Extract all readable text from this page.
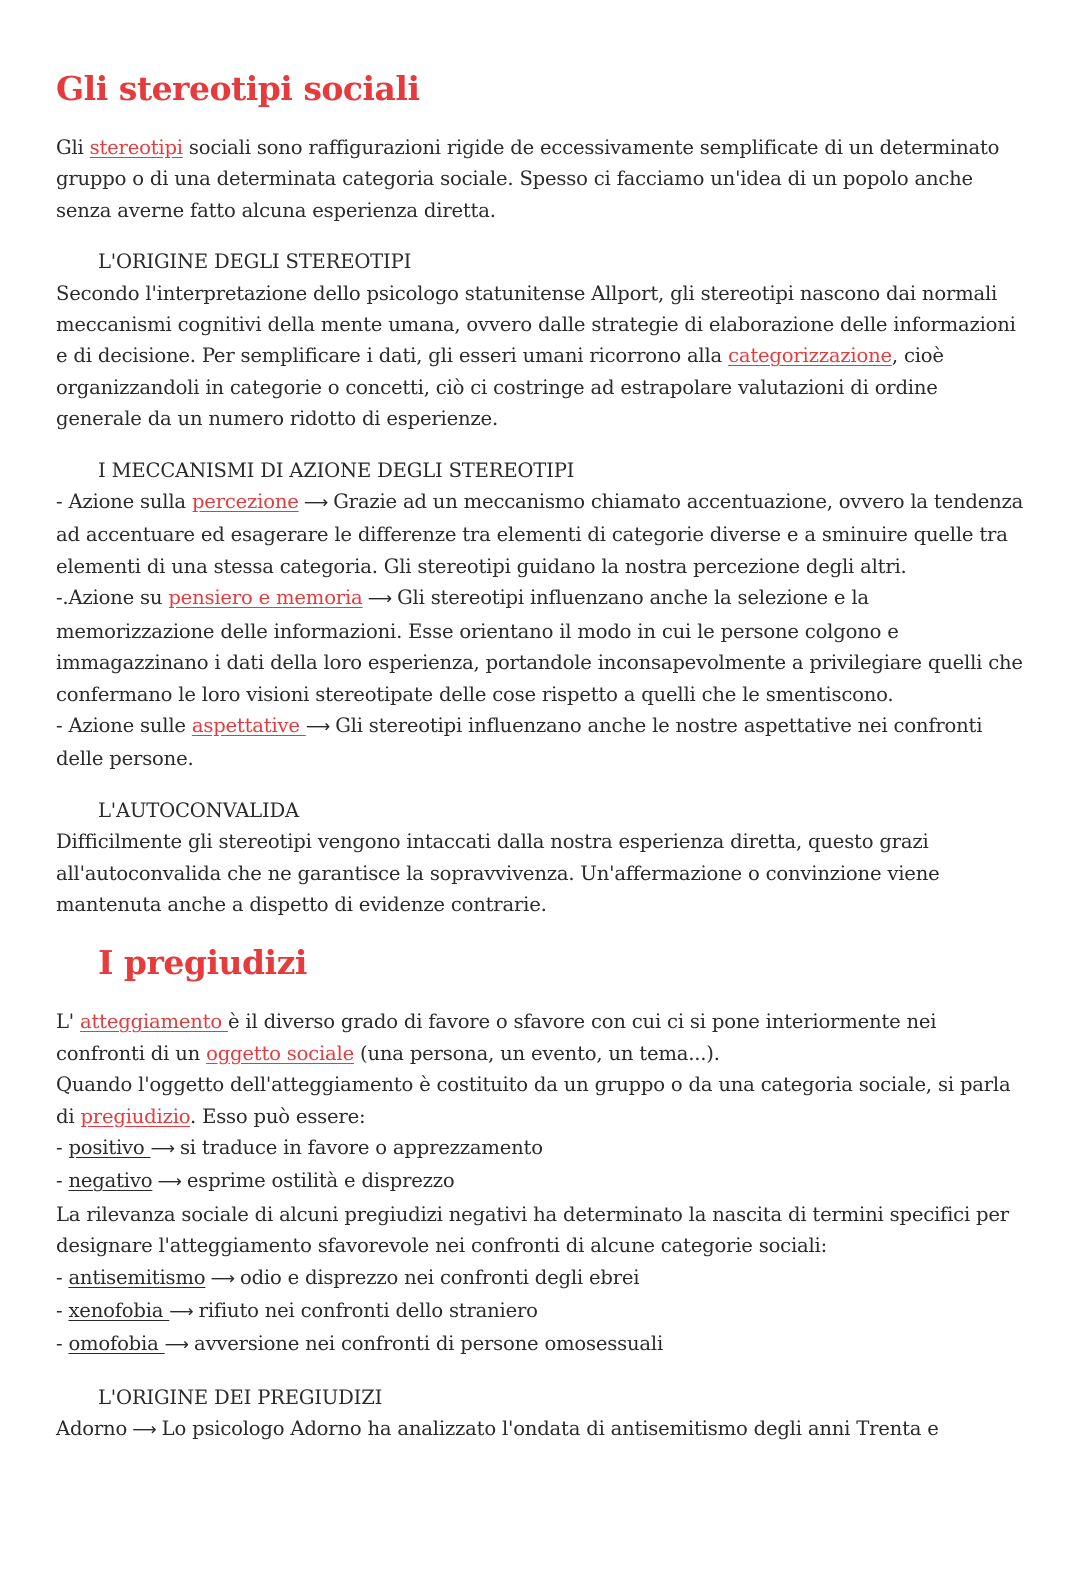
Gli stereotipi sociali

Gli stereotipi sociali sono raffigurazioni rigide de eccessivamente semplificate di un determinato gruppo o di una determinata categoria sociale. Spesso ci facciamo un'idea di un popolo anche senza averne fatto alcuna esperienza diretta.

L'ORIGINE DEGLI STEREOTIPI

Secondo l'interpretazione dello psicologo statunitense Allport, gli stereotipi nascono dai normali meccanismi cognitivi della mente umana, ovvero dalle strategie di elaborazione delle informazioni e di decisione. Per semplificare i dati, gli esseri umani ricorrono alla categorizzazione, cioè organizzandoli in categorie o concetti, ciò ci costringe ad estrapolare valutazioni di ordine generale da un numero ridotto di esperienze.

I MECCANISMI DI AZIONE DEGLI STEREOTIPI

- Azione sulla percezione ⟶ Grazie ad un meccanismo chiamato accentuazione, ovvero la tendenza ad accentuare ed esagerare le differenze tra elementi di categorie diverse e a sminuire quelle tra elementi di una stessa categoria. Gli stereotipi guidano la nostra percezione degli altri.

-.Azione su pensiero e memoria ⟶ Gli stereotipi influenzano anche la selezione e la memorizzazione delle informazioni. Esse orientano il modo in cui le persone colgono e immagazzinano i dati della loro esperienza, portandole inconsapevolmente a privilegiare quelli che confermano le loro visioni stereotipate delle cose rispetto a quelli che le smentiscono.

- Azione sulle aspettative ⟶ Gli stereotipi influenzano anche le nostre aspettative nei confronti delle persone.

L'AUTOCONVALIDA

Difficilmente gli stereotipi vengono intaccati dalla nostra esperienza diretta, questo grazi all'autoconvalida che ne garantisce la sopravvivenza. Un'affermazione o convinzione viene mantenuta anche a dispetto di evidenze contrarie.

I pregiudizi

L' atteggiamento è il diverso grado di favore o sfavore con cui ci si pone interiormente nei confronti di un oggetto sociale (una persona, un evento, un tema...).

Quando l'oggetto dell'atteggiamento è costituito da un gruppo o da una categoria sociale, si parla di pregiudizio. Esso può essere:

- positivo ⟶ si traduce in favore o apprezzamento

- negativo ⟶ esprime ostilità e disprezzo

La rilevanza sociale di alcuni pregiudizi negativi ha determinato la nascita di termini specifici per designare l'atteggiamento sfavorevole nei confronti di alcune categorie sociali:

- antisemitismo ⟶ odio e disprezzo nei confronti degli ebrei

- xenofobia ⟶ rifiuto nei confronti dello straniero

- omofobia ⟶ avversione nei confronti di persone omosessuali

L'ORIGINE DEI PREGIUDIZI

Adorno ⟶ Lo psicologo Adorno ha analizzato l'ondata di antisemitismo degli anni Trenta e
